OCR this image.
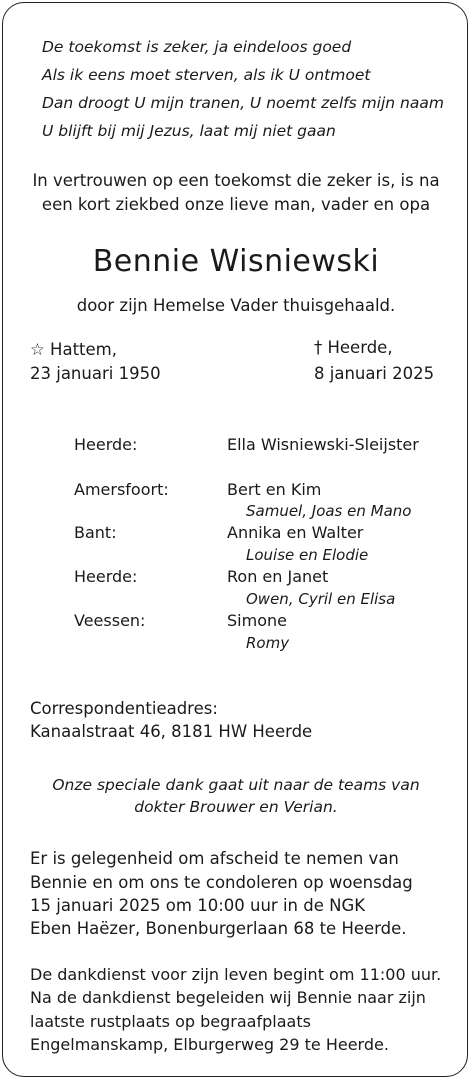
De toekomst is zeker, ja eindeloos goed
Als ik eens moet sterven, als ik U ontmoet
Dan droogt U mijn tranen, U noemt zelfs mijn naam
U blijft bij mij Jezus, laat mij niet gaan
In vertrouwen op een toekomst die zeker is, is na
een kort ziekbed onze lieve man, vader en opa
Bennie Wisniewski
door zijn Hemelse Vader thuisgehaald.
☆ Hattem,
23 januari 1950
† Heerde,
8 januari 2025
Heerde:	Ella Wisniewski-Sleijster
Amersfoort:	Bert en Kim
Samuel, Joas en Mano
Bant:	Annika en Walter
Louise en Elodie
Heerde:	Ron en Janet
Owen, Cyril en Elisa
Veessen:	Simone
Romy
Correspondentieadres:
Kanaalstraat 46, 8181 HW Heerde
Onze speciale dank gaat uit naar de teams van
dokter Brouwer en Verian.
Er is gelegenheid om afscheid te nemen van
Bennie en om ons te condoleren op woensdag
15 januari 2025 om 10:00 uur in de NGK
Eben Haëzer, Bonenburgerlaan 68 te Heerde.
De dankdienst voor zijn leven begint om 11:00 uur.
Na de dankdienst begeleiden wij Bennie naar zijn
laatste rustplaats op begraafplaats
Engelmanskamp, Elburgerweg 29 te Heerde.
